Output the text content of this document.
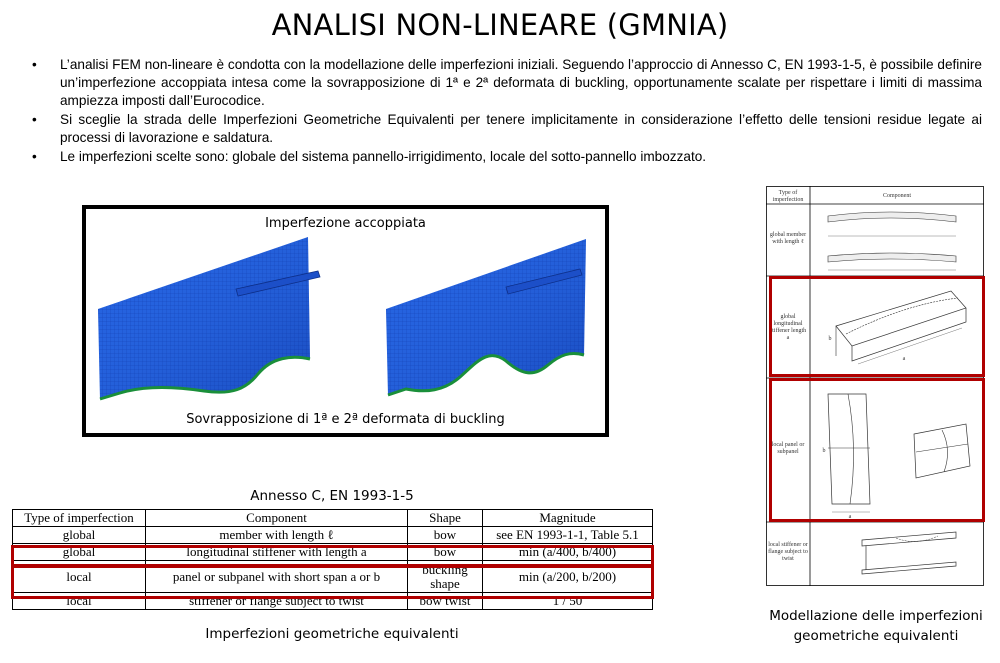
ANALISI NON-LINEARE (GMNIA)
• L’analisi FEM non-lineare è condotta con la modellazione delle imperfezioni iniziali. Seguendo l’approccio di Annesso C, EN 1993-1-5, è possibile definire un’imperfezione accoppiata intesa come la sovrapposizione di 1ª e 2ª deformata di buckling, opportunamente scalate per rispettare i limiti di massima ampiezza imposti dall’Eurocodice.
• Si sceglie la strada delle Imperfezioni Geometriche Equivalenti per tenere implicitamente in considerazione l’effetto delle tensioni residue legate ai processi di lavorazione e saldatura.
• Le imperfezioni scelte sono: globale del sistema pannello-irrigidimento, locale del sotto-pannello imbozzato.
Imperfezione accoppiata
Sovrapposizione di 1ª e 2ª deformata di buckling
Annesso C, EN 1993-1-5
Type of imperfection	Component	Shape	Magnitude
global	member with length ℓ	bow	see EN 1993-1-1, Table 5.1
global	longitudinal stiffener with length a	bow	min (a/400, b/400)
local	panel or subpanel with short span a or b	buckling shape	min (a/200, b/200)
local	stiffener or flange subject to twist	bow twist	1 / 50
Imperfezioni geometriche equivalenti
Type of imperfection
Component
global member with length ℓ
global longitudinal stiffener length a
local panel or subpanel
local stiffener or flange subject to twist
b
a
b
a
Modellazione delle imperfezioni
geometriche equivalenti
